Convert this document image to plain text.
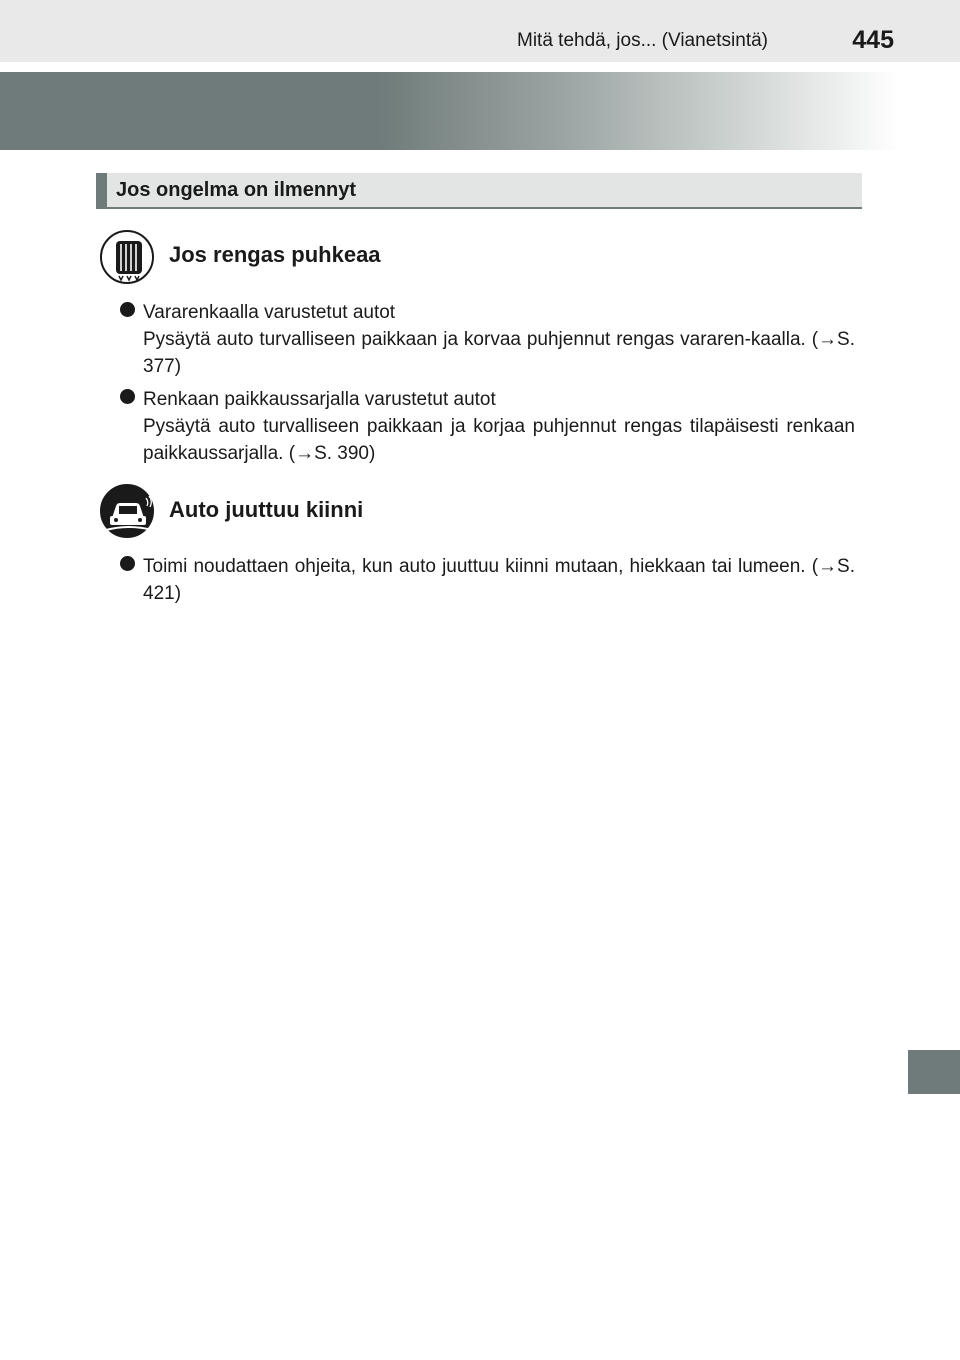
Mitä tehdä, jos... (Vianetsintä)	445
Jos ongelma on ilmennyt
Jos rengas puhkeaa
Vararenkaalla varustetut autot
Pysäytä auto turvalliseen paikkaan ja korvaa puhjennut rengas vararen-kaalla. (→S. 377)
Renkaan paikkaussarjalla varustetut autot
Pysäytä auto turvalliseen paikkaan ja korjaa puhjennut rengas tilapäisesti renkaan paikkaussarjalla. (→S. 390)
Auto juuttuu kiinni
Toimi noudattaen ohjeita, kun auto juuttuu kiinni mutaan, hiekkaan tai lumeen. (→S. 421)
